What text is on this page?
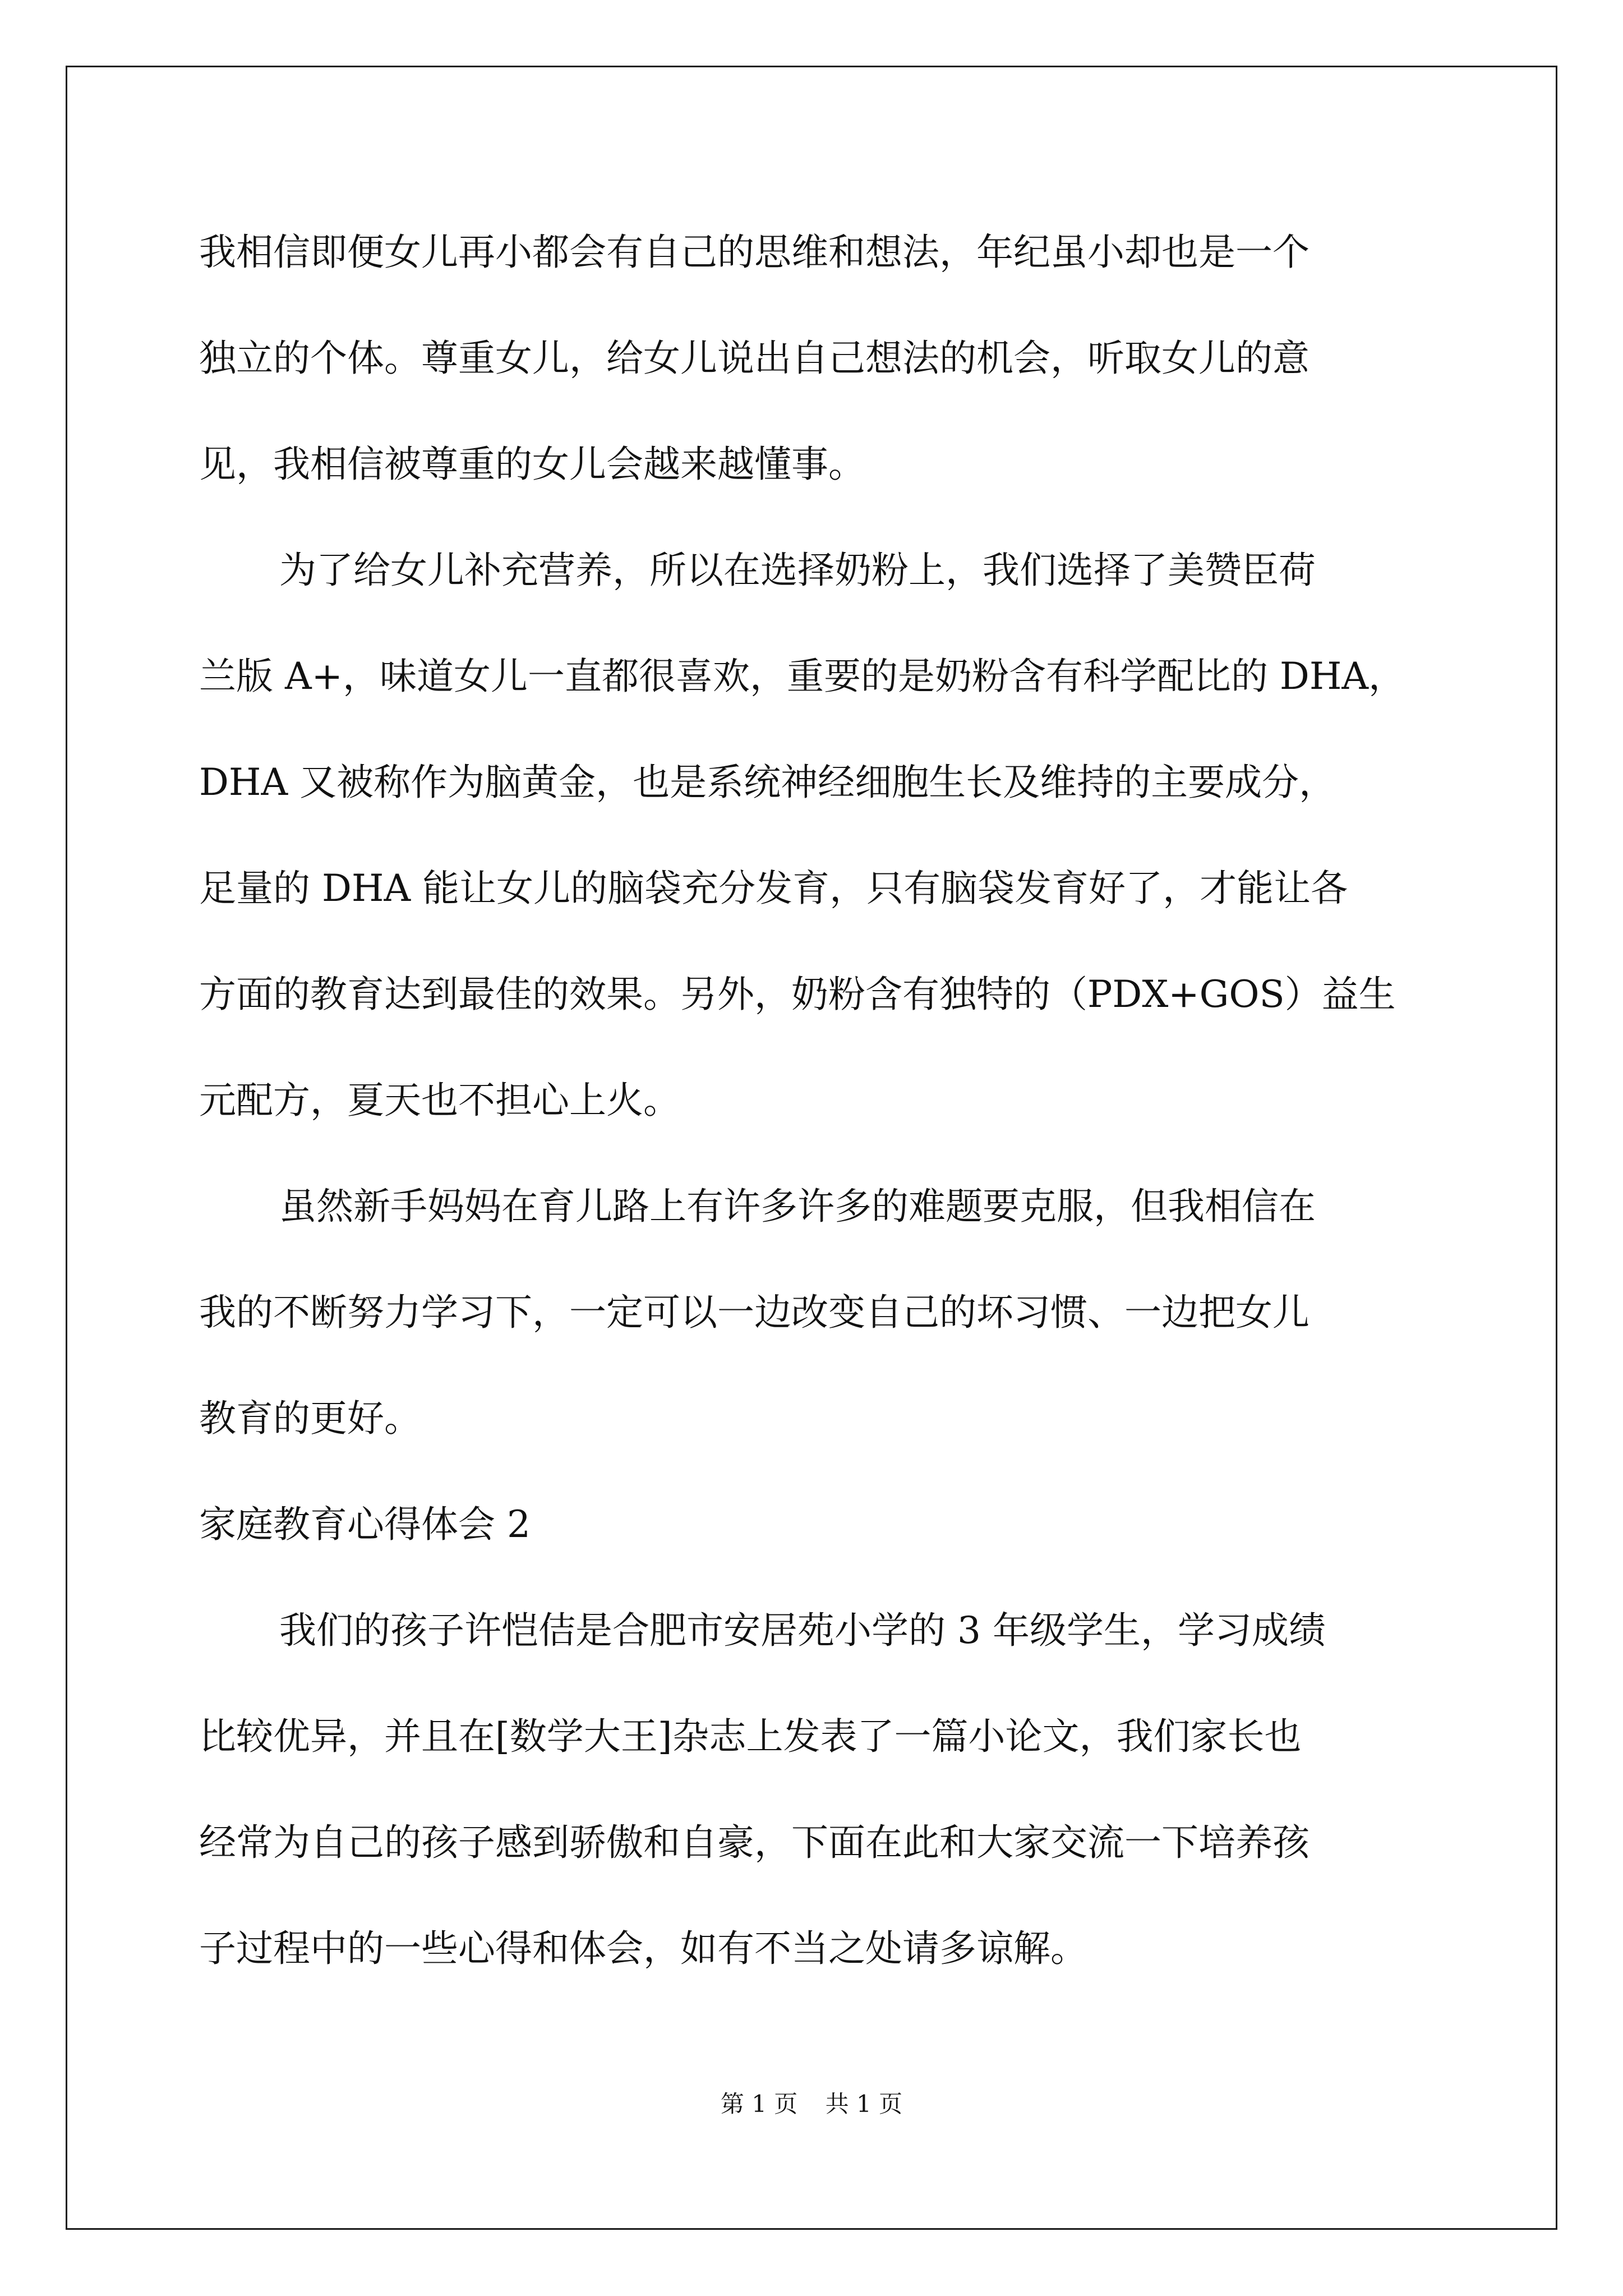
我相信即便女儿再小都会有自己的思维和想法，年纪虽小却也是一个
独立的个体。尊重女儿，给女儿说出自己想法的机会，听取女儿的意
见，我相信被尊重的女儿会越来越懂事。
为了给女儿补充营养，所以在选择奶粉上，我们选择了美赞臣荷
兰版 A+，味道女儿一直都很喜欢，重要的是奶粉含有科学配比的 DHA，
DHA 又被称作为脑黄金，也是系统神经细胞生长及维持的主要成分，
足量的 DHA 能让女儿的脑袋充分发育，只有脑袋发育好了，才能让各
方面的教育达到最佳的效果。另外，奶粉含有独特的（PDX+GOS）益生
元配方，夏天也不担心上火。
虽然新手妈妈在育儿路上有许多许多的难题要克服，但我相信在
我的不断努力学习下，一定可以一边改变自己的坏习惯、一边把女儿
教育的更好。
家庭教育心得体会 2
我们的孩子许恺佶是合肥市安居苑小学的 3 年级学生，学习成绩
比较优异，并且在[数学大王]杂志上发表了一篇小论文，我们家长也
经常为自己的孩子感到骄傲和自豪，下面在此和大家交流一下培养孩
子过程中的一些心得和体会，如有不当之处请多谅解。
第 1 页 共 1 页
